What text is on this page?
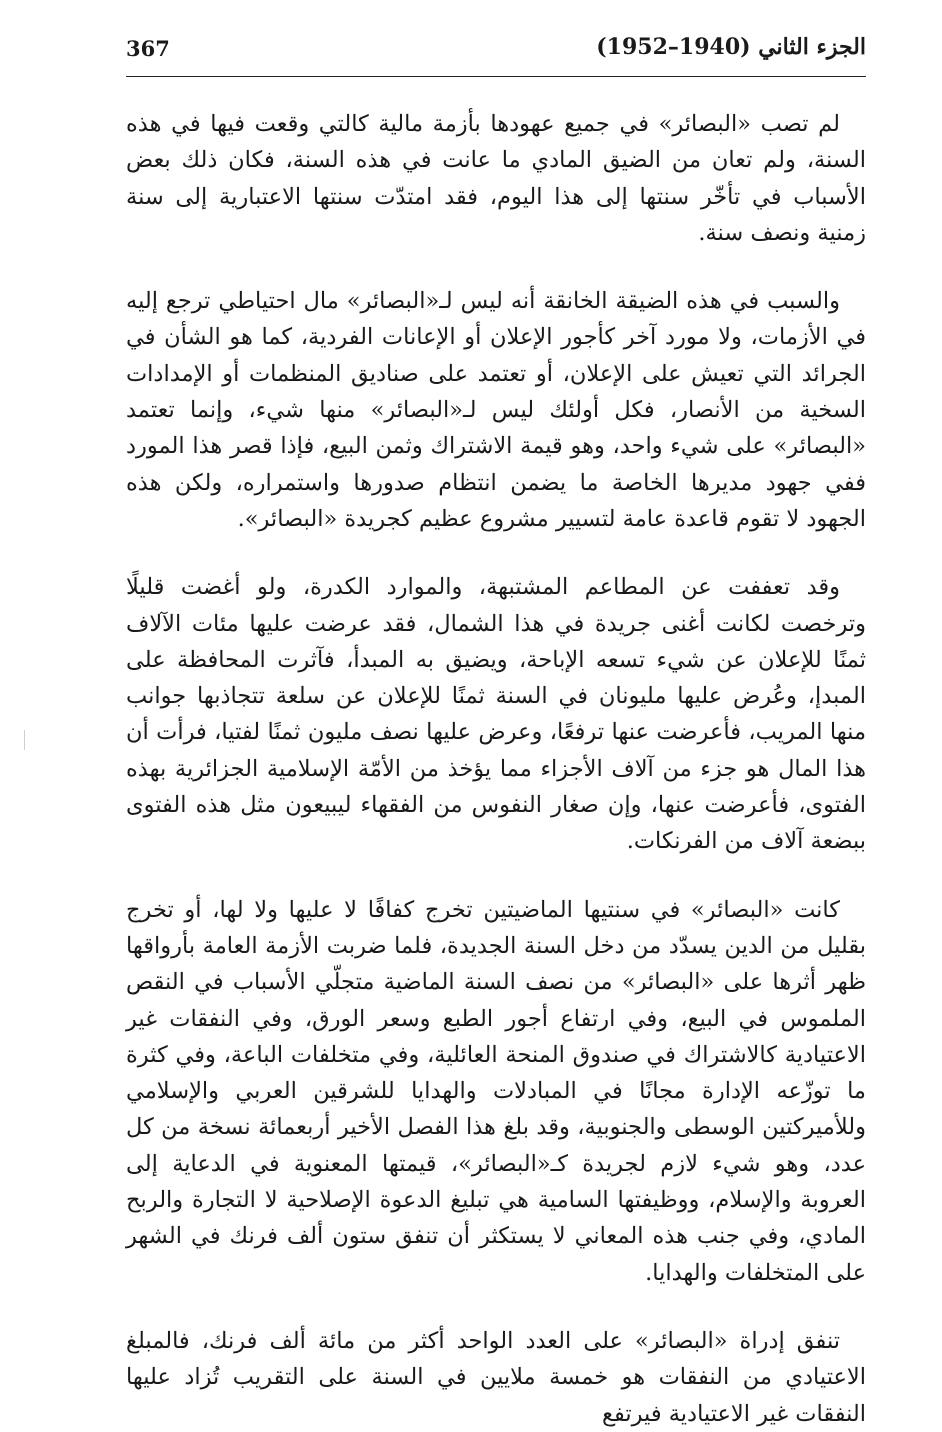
367	الجزء الثاني (1940–1952)

لم تصب «البصائر» في جميع عهودها بأزمة مالية كالتي وقعت فيها في هذه السنة، ولم تعان من الضيق المادي ما عانت في هذه السنة، فكان ذلك بعض الأسباب في تأخّر سنتها إلى هذا اليوم، فقد امتدّت سنتها الاعتبارية إلى سنة زمنية ونصف سنة.

والسبب في هذه الضيقة الخانقة أنه ليس لـ«البصائر» مال احتياطي ترجع إليه في الأزمات، ولا مورد آخر كأجور الإعلان أو الإعانات الفردية، كما هو الشأن في الجرائد التي تعيش على الإعلان، أو تعتمد على صناديق المنظمات أو الإمدادات السخية من الأنصار، فكل أولئك ليس لـ«البصائر» منها شيء، وإنما تعتمد «البصائر» على شيء واحد، وهو قيمة الاشتراك وثمن البيع، فإذا قصر هذا المورد ففي جهود مديرها الخاصة ما يضمن انتظام صدورها واستمراره، ولكن هذه الجهود لا تقوم قاعدة عامة لتسيير مشروع عظيم كجريدة «البصائر».

وقد تعففت عن المطاعم المشتبهة، والموارد الكدرة، ولو أغضت قليلًا وترخصت لكانت أغنى جريدة في هذا الشمال، فقد عرضت عليها مئات الآلاف ثمنًا للإعلان عن شيء تسعه الإباحة، ويضيق به المبدأ، فآثرت المحافظة على المبدإ، وعُرض عليها مليونان في السنة ثمنًا للإعلان عن سلعة تتجاذبها جوانب منها المريب، فأعرضت عنها ترفعًا، وعرض عليها نصف مليون ثمنًا لفتيا، فرأت أن هذا المال هو جزء من آلاف الأجزاء مما يؤخذ من الأمّة الإسلامية الجزائرية بهذه الفتوى، فأعرضت عنها، وإن صغار النفوس من الفقهاء ليبيعون مثل هذه الفتوى ببضعة آلاف من الفرنكات.

كانت «البصائر» في سنتيها الماضيتين تخرج كفافًا لا عليها ولا لها، أو تخرج بقليل من الدين يسدّد من دخل السنة الجديدة، فلما ضربت الأزمة العامة بأرواقها ظهر أثرها على «البصائر» من نصف السنة الماضية متجلّي الأسباب في النقص الملموس في البيع، وفي ارتفاع أجور الطبع وسعر الورق، وفي النفقات غير الاعتيادية كالاشتراك في صندوق المنحة العائلية، وفي متخلفات الباعة، وفي كثرة ما توزّعه الإدارة مجانًا في المبادلات والهدايا للشرقين العربي والإسلامي وللأميركتين الوسطى والجنوبية، وقد بلغ هذا الفصل الأخير أربعمائة نسخة من كل عدد، وهو شيء لازم لجريدة كـ«البصائر»، قيمتها المعنوية في الدعاية إلى العروبة والإسلام، ووظيفتها السامية هي تبليغ الدعوة الإصلاحية لا التجارة والربح المادي، وفي جنب هذه المعاني لا يستكثر أن تنفق ستون ألف فرنك في الشهر على المتخلفات والهدايا.

تنفق إدراة «البصائر» على العدد الواحد أكثر من مائة ألف فرنك، فالمبلغ الاعتيادي من النفقات هو خمسة ملايين في السنة على التقريب تُزاد عليها النفقات غير الاعتيادية فيرتفع
